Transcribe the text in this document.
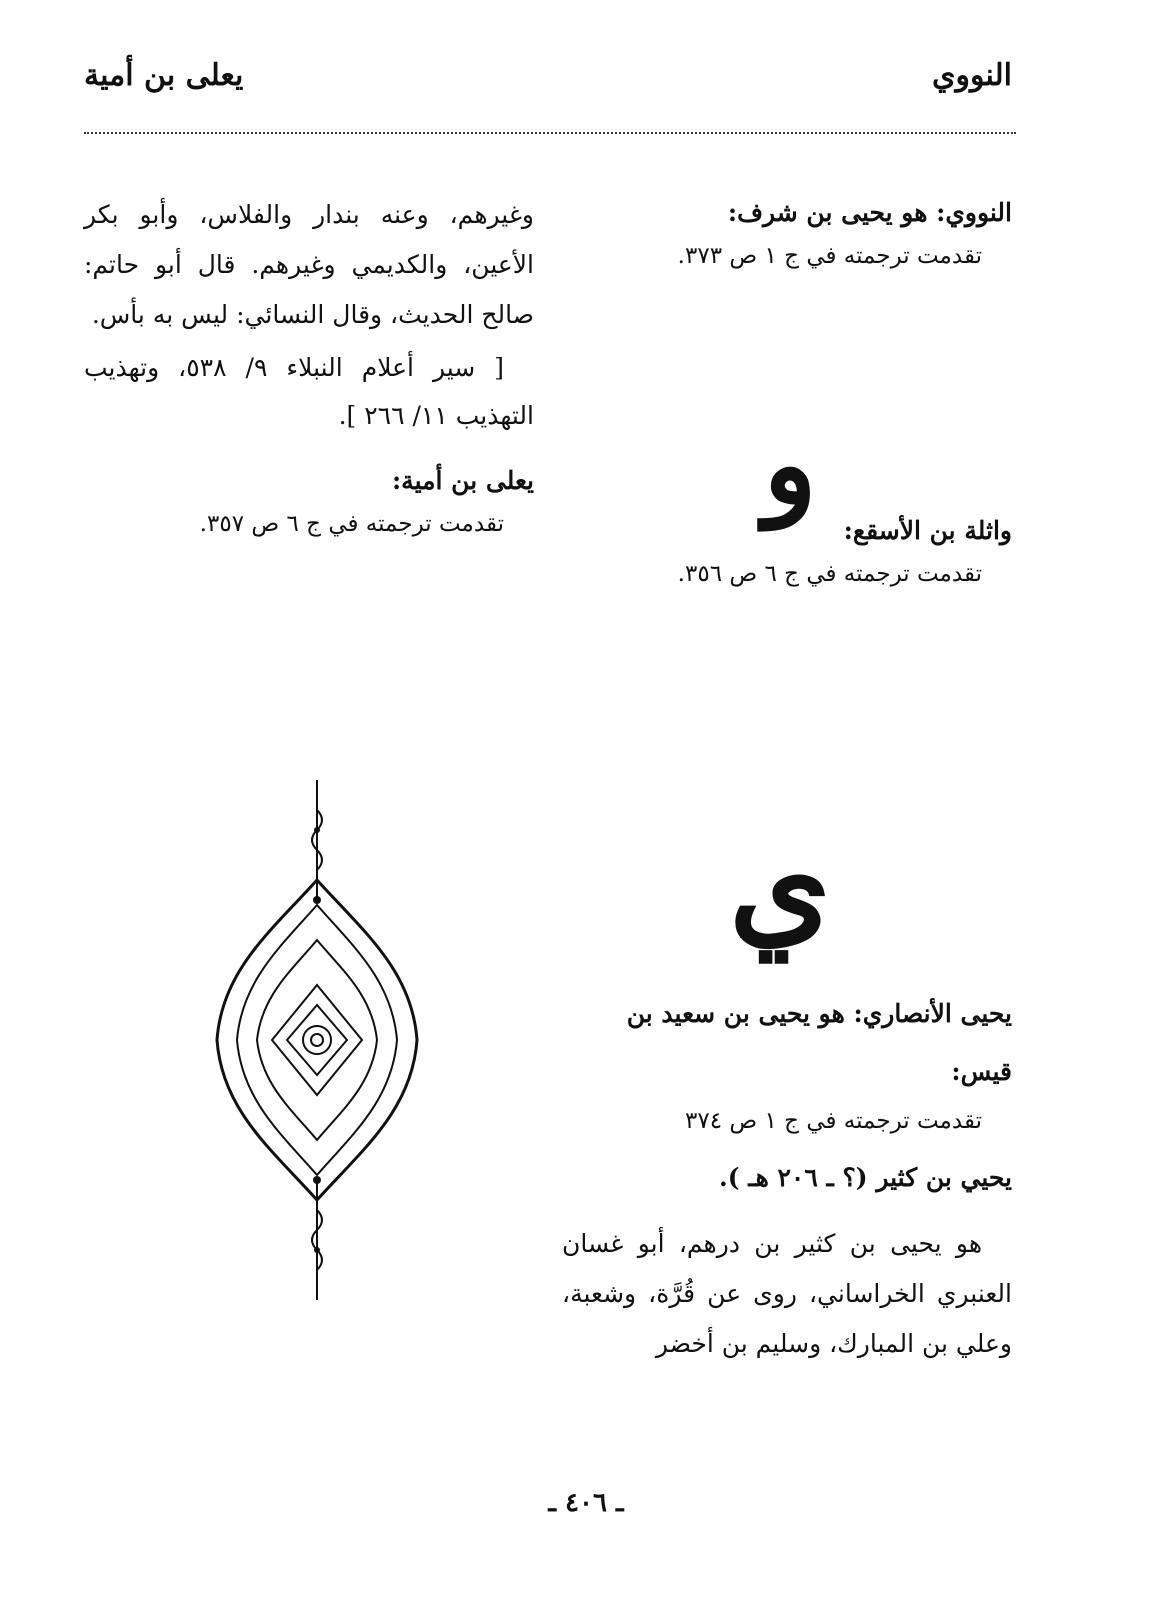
النووي
يعلى بن أمية
النووي: هو يحيى بن شرف:
تقدمت ترجمته في ج ١ ص ٣٧٣.
و
واثلة بن الأسقع:
تقدمت ترجمته في ج ٦ ص ٣٥٦.
ي
يحيى الأنصاري: هو يحيى بن سعيد بن قيس:
تقدمت ترجمته في ج ١ ص ٣٧٤
يحيي بن كثير (؟ ـ ٢٠٦ هـ ).
هو يحيى بن كثير بن درهم، أبو غسان العنبري الخراساني، روى عن قُرَّة، وشعبة، وعلي بن المبارك، وسليم بن أخضر
وغيرهم، وعنه بندار والفلاس، وأبو بكر الأعين، والكديمي وغيرهم. قال أبو حاتم: صالح الحديث، وقال النسائي: ليس به بأس.
[ سير أعلام النبلاء ٩/ ٥٣٨، وتهذيب التهذيب ١١/ ٢٦٦ ].
يعلى بن أمية:
تقدمت ترجمته في ج ٦ ص ٣٥٧.
ـ ٤٠٦ ـ
